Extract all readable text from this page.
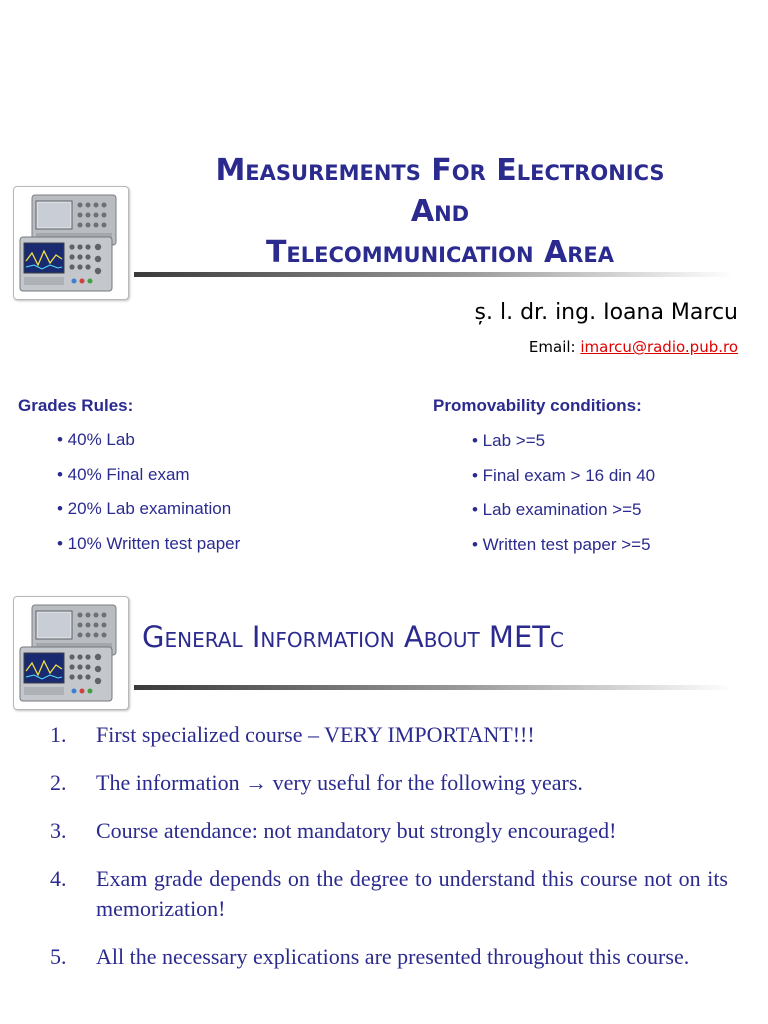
Measurements For Electronics
And
Telecommunication Area
ș. l. dr. ing. Ioana Marcu
Email: imarcu@radio.pub.ro
Grades Rules:
• 40% Lab
• 40% Final exam
• 20% Lab examination
• 10% Written test paper
Promovability conditions:
• Lab >=5
• Final exam > 16 din 40
• Lab examination >=5
• Written test paper >=5
General Information About METc
1.	First specialized course – VERY IMPORTANT!!!
2.	The information → very useful for the following years.
3.	Course atendance: not mandatory but strongly encouraged!
4.	Exam grade depends on the degree to understand this course not on its memorization!
5.	All the necessary explications are presented throughout this course.
